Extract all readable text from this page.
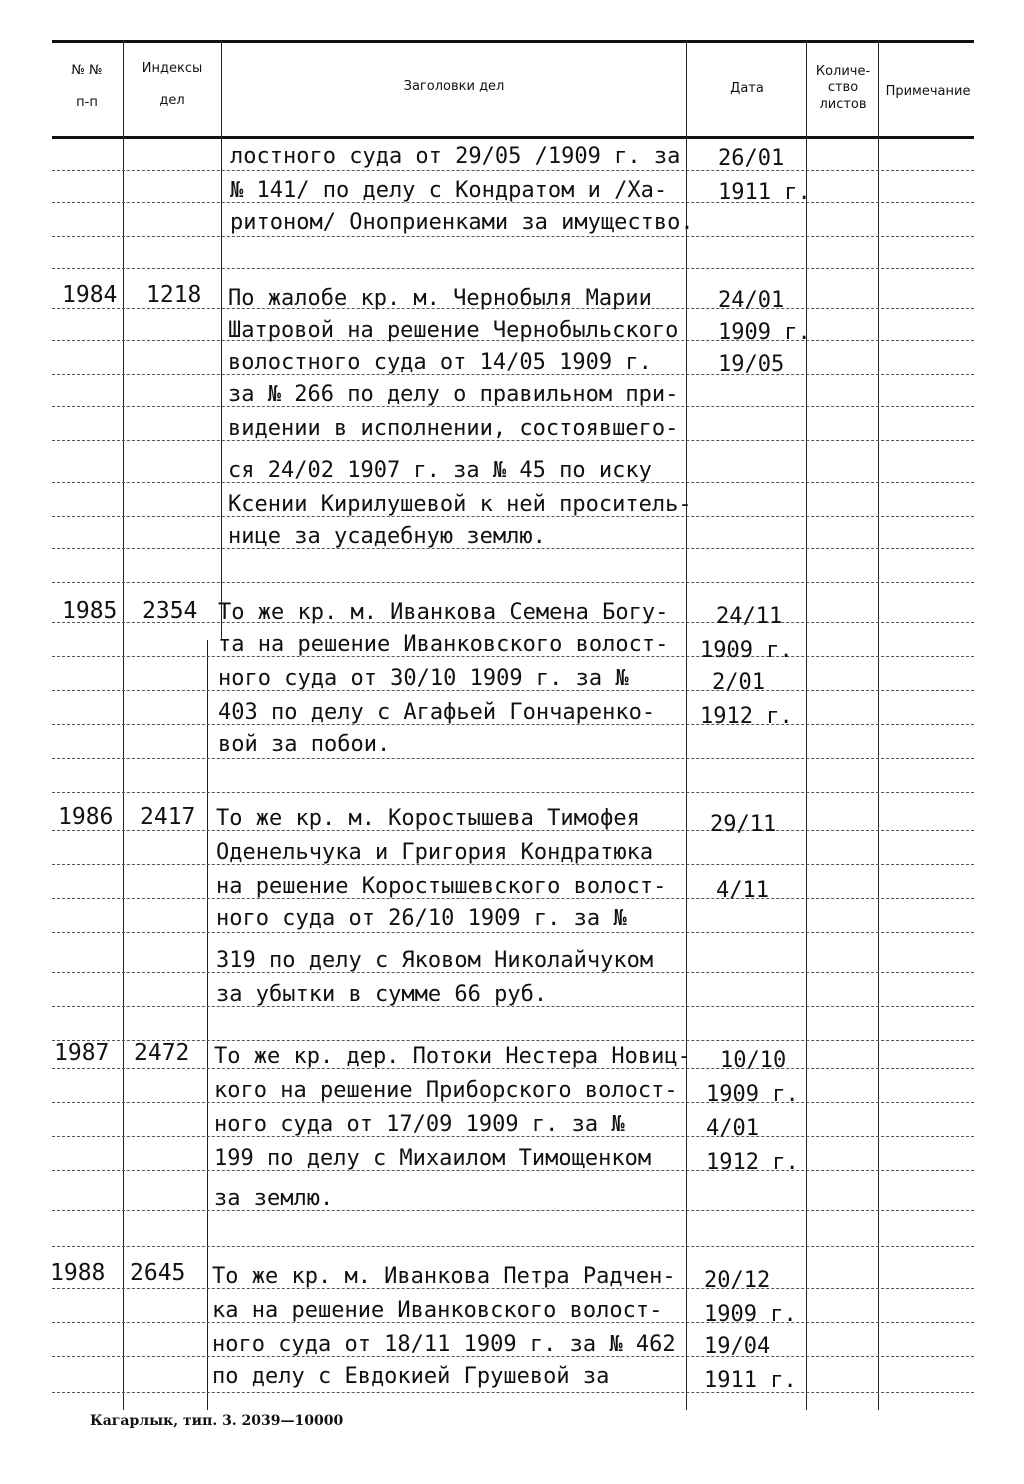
№ №
п-п
Индексы
дел
Заголовки дел	Дата
Количе-
ство
листов
Примечание
лостного суда от 29/05 /1909 г. за
№ 141/ по делу с Кондратом и /Ха-
ритоном/ Оноприенками за имущество.
26/01
1911 г.
1984 1218 По жалобе кр. м. Чернобыля Марии
Шатровой на решение Чернобыльского
волостного суда от 14/05 1909 г.
за № 266 по делу о правильном при-
видении в исполнении, состоявшего-
ся 24/02 1907 г. за № 45 по иску
Ксении Кирилушевой к ней проситель-
нице за усадебную землю.
24/01
1909 г.
19/05
1985 2354 То же кр. м. Иванкова Семена Богу-
та на решение Иванковского волост-
ного суда от 30/10 1909 г. за №
403 по делу с Агафьей Гончаренко-
вой за побои.
24/11
1909 г.
2/01
1912 г.
1986 2417 То же кр. м. Коростышева Тимофея
Оденельчука и Григория Кондратюка
на решение Коростышевского волост-
ного суда от 26/10 1909 г. за №
319 по делу с Яковом Николайчуком
за убытки в сумме 66 руб.
29/11
4/11
1987 2472 То же кр. дер. Потоки Нестера Новиц-
кого на решение Приборского волост-
ного суда от 17/09 1909 г. за №
199 по делу с Михаилом Тимощенком
за землю.
10/10
1909 г.
4/01
1912 г.
1988 2645 То же кр. м. Иванкова Петра Радчен-
ка на решение Иванковского волост-
ного суда от 18/11 1909 г. за № 462
по делу с Евдокией Грушевой за
20/12
1909 г.
19/04
1911 г.
Кагарлык, тип. 3. 2039—10000
